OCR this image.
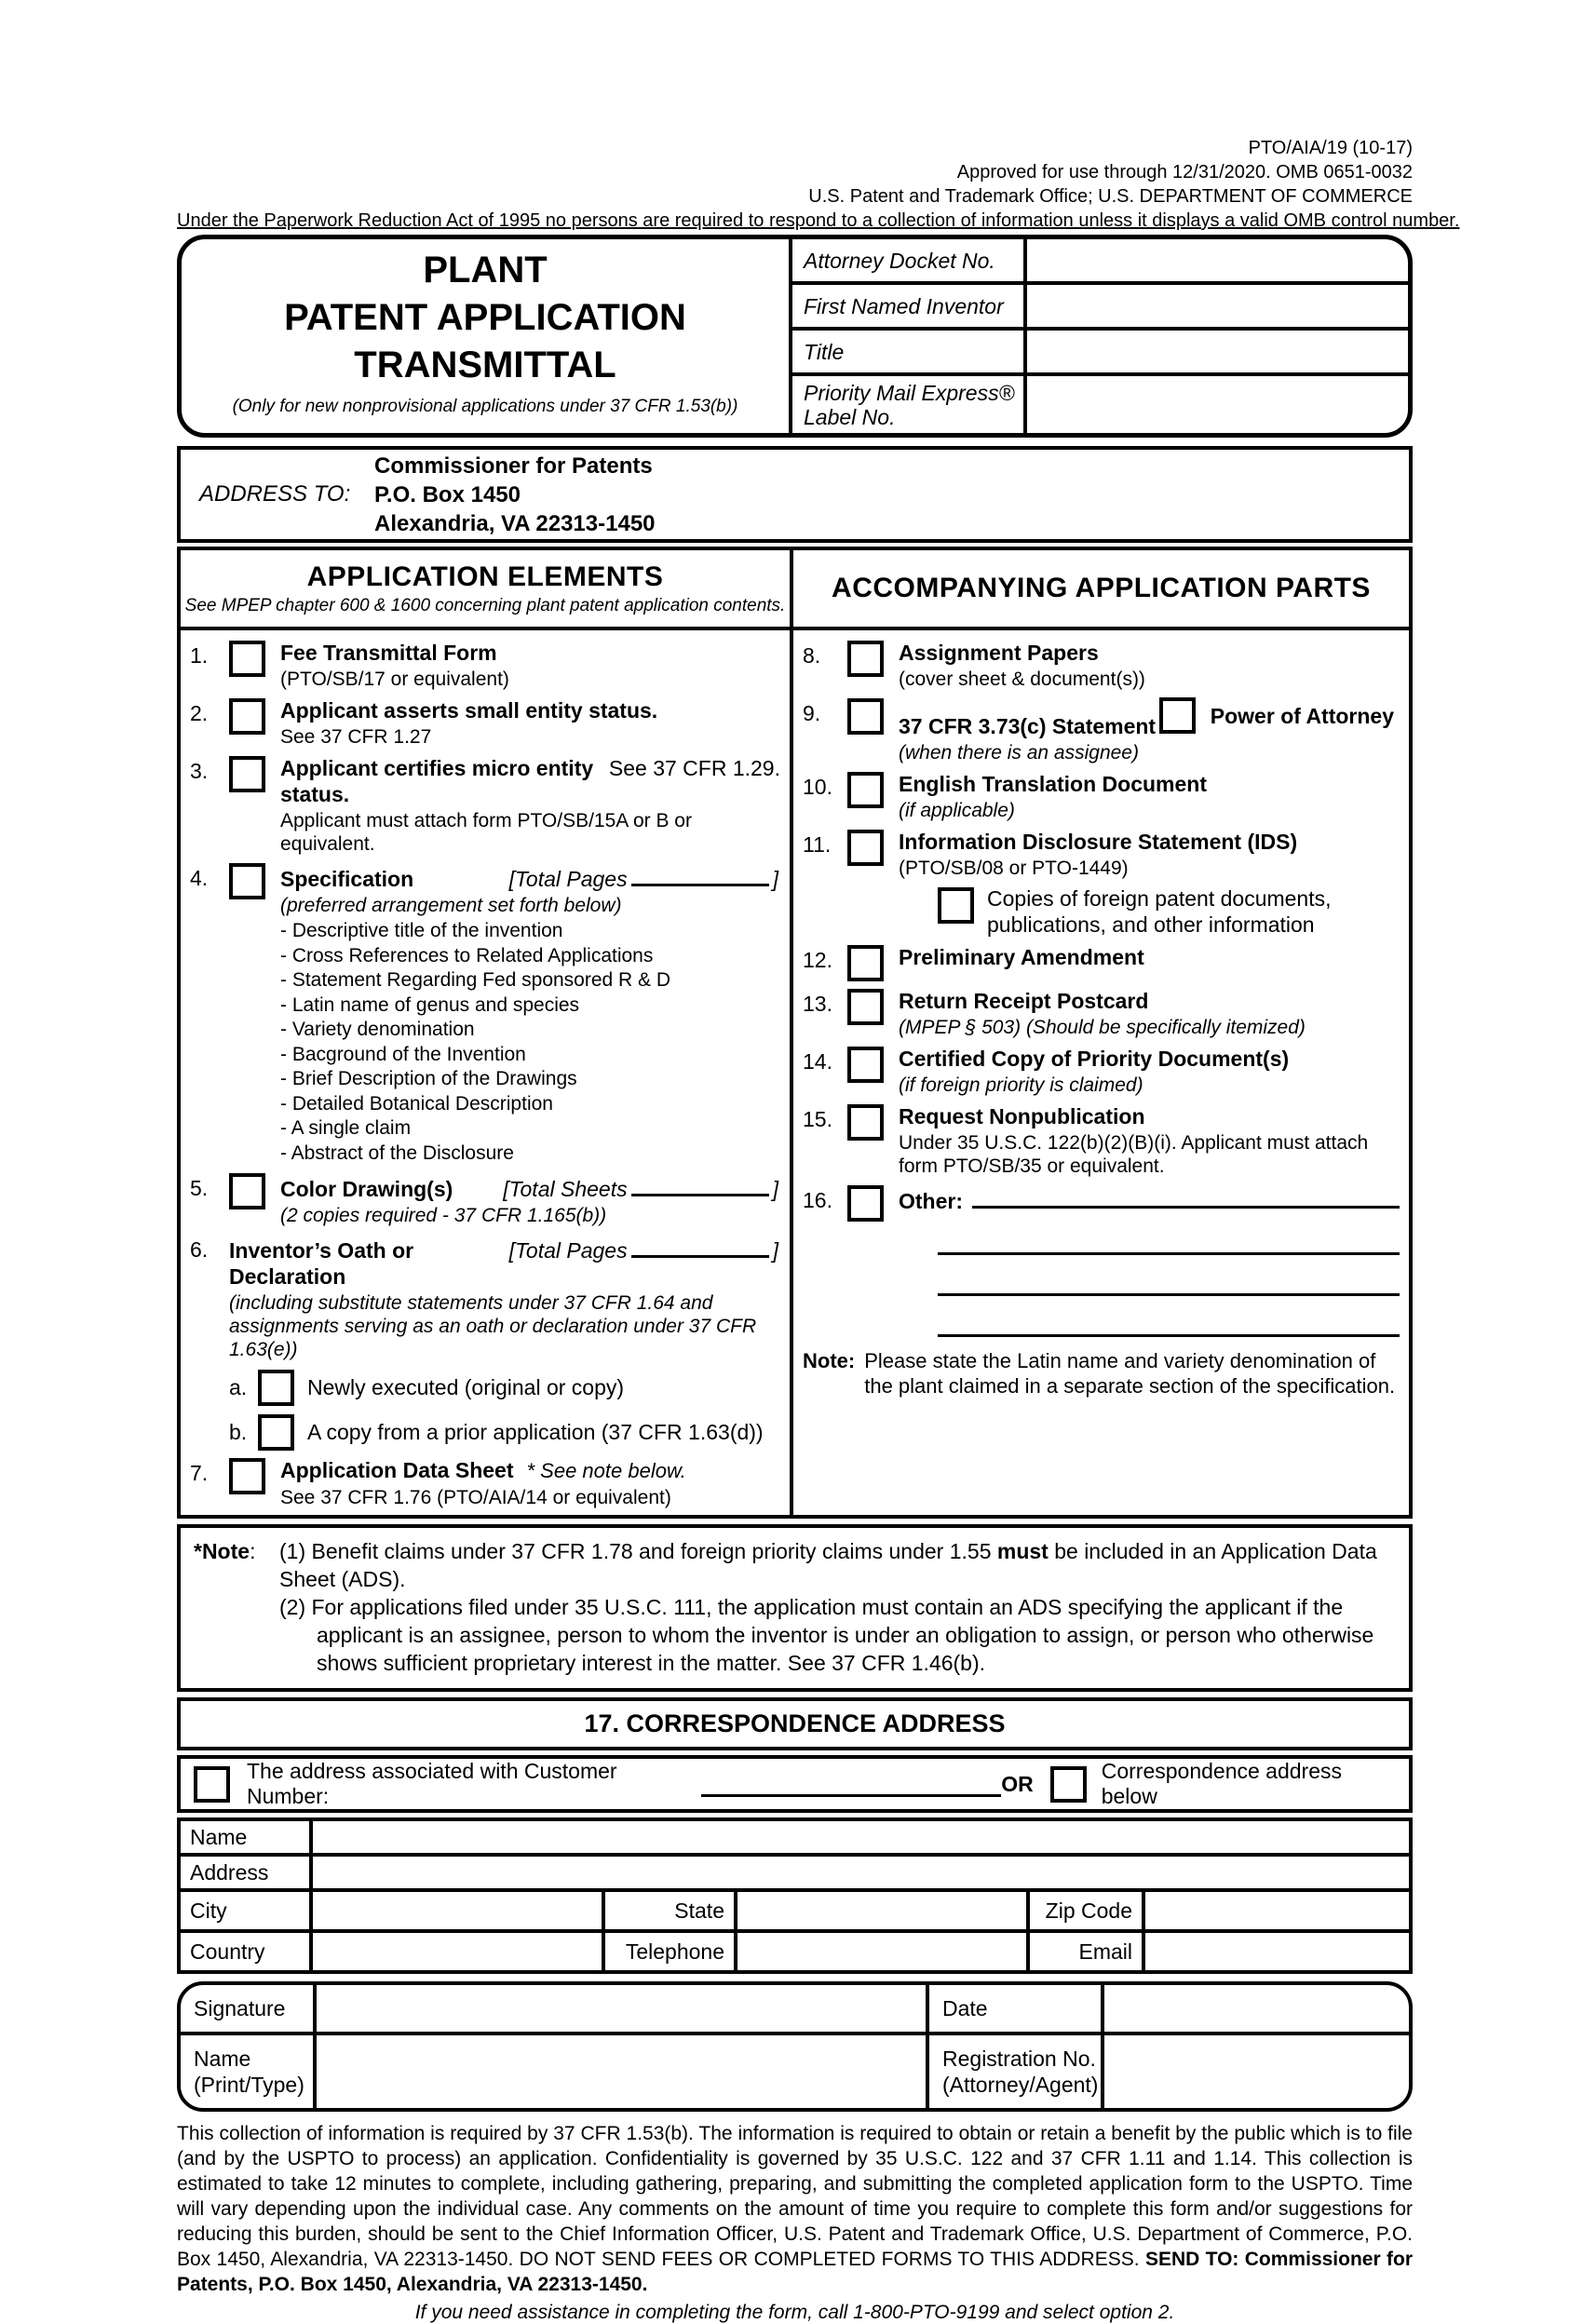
PTO/AIA/19 (10-17)
Approved for use through 12/31/2020. OMB 0651-0032
U.S. Patent and Trademark Office; U.S. DEPARTMENT OF COMMERCE
Under the Paperwork Reduction Act of 1995 no persons are required to respond to a collection of information unless it displays a valid OMB control number.
PLANT
PATENT APPLICATION
TRANSMITTAL
(Only for new nonprovisional applications under 37 CFR 1.53(b))
Attorney Docket No.
First Named Inventor
Title
Priority Mail Express® Label No.
ADDRESS TO:
Commissioner for Patents
P.O. Box 1450
Alexandria, VA 22313-1450
APPLICATION ELEMENTS
See MPEP chapter 600 & 1600 concerning plant patent application contents.
1.	Fee Transmittal Form
(PTO/SB/17 or equivalent)
2.	Applicant asserts small entity status.
See 37 CFR 1.27
3.	Applicant certifies micro entity status.
See 37 CFR 1.29.
Applicant must attach form PTO/SB/15A or B or equivalent.
4.	Specification	[Total Pages	]
(preferred arrangement set forth below)
- Descriptive title of the invention
- Cross References to Related Applications
- Statement Regarding Fed sponsored R & D
- Latin name of genus and species
- Variety denomination
- Bacground of the Invention
- Brief Description of the Drawings
- Detailed Botanical Description
- A single claim
- Abstract of the Disclosure
5.	Color Drawing(s) [Total Sheets	]
(2 copies required - 37 CFR 1.165(b))
6. Inventor’s Oath or Declaration
[Total Pages	]
(including substitute statements under 37 CFR 1.64 and assignments serving as an oath or declaration under 37 CFR 1.63(e))
a.	Newly executed (original or copy)
b.	A copy from a prior application (37 CFR 1.63(d))
7.	Application Data Sheet * See note below.
See 37 CFR 1.76 (PTO/AIA/14 or equivalent)
ACCOMPANYING APPLICATION PARTS
8.	Assignment Papers
(cover sheet & document(s))
9.
37 CFR 3.73(c) Statement	Power of Attorney
(when there is an assignee)
10.	English Translation Document
(if applicable)
11.	Information Disclosure Statement (IDS)
(PTO/SB/08 or PTO-1449)
Copies of foreign patent documents, publications, and other information
12.	Preliminary Amendment
13.	Return Receipt Postcard
(MPEP § 503) (Should be specifically itemized)
14.	Certified Copy of Priority Document(s)
(if foreign priority is claimed)
15.	Request Nonpublication
Under 35 U.S.C. 122(b)(2)(B)(i). Applicant must attach form PTO/SB/35 or equivalent.
16.	Other:
Note: Please state the Latin name and variety denomination of the plant claimed in a separate section of the specification.
*Note:	(1) Benefit claims under 37 CFR 1.78 and foreign priority claims under 1.55 must be included in an Application Data Sheet (ADS).
(2) For applications filed under 35 U.S.C. 111, the application must contain an ADS specifying the applicant if the applicant is an assignee, person to whom the inventor is under an obligation to assign, or person who otherwise shows sufficient proprietary interest in the matter. See 37 CFR 1.46(b).
17. CORRESPONDENCE ADDRESS
The address associated with Customer Number:
OR
Correspondence address below
Name					
Address					
City		State		Zip Code	
Country		Telephone		Email	
Signature	Date
Name
(Print/Type)
Registration No.
(Attorney/Agent)
This collection of information is required by 37 CFR 1.53(b). The information is required to obtain or retain a benefit by the public which is to file (and by the USPTO to process) an application. Confidentiality is governed by 35 U.S.C. 122 and 37 CFR 1.11 and 1.14. This collection is estimated to take 12 minutes to complete, including gathering, preparing, and submitting the completed application form to the USPTO. Time will vary depending upon the individual case. Any comments on the amount of time you require to complete this form and/or suggestions for reducing this burden, should be sent to the Chief Information Officer, U.S. Patent and Trademark Office, U.S. Department of Commerce, P.O. Box 1450, Alexandria, VA 22313-1450. DO NOT SEND FEES OR COMPLETED FORMS TO THIS ADDRESS. SEND TO: Commissioner for Patents, P.O. Box 1450, Alexandria, VA 22313-1450.
If you need assistance in completing the form, call 1-800-PTO-9199 and select option 2.
